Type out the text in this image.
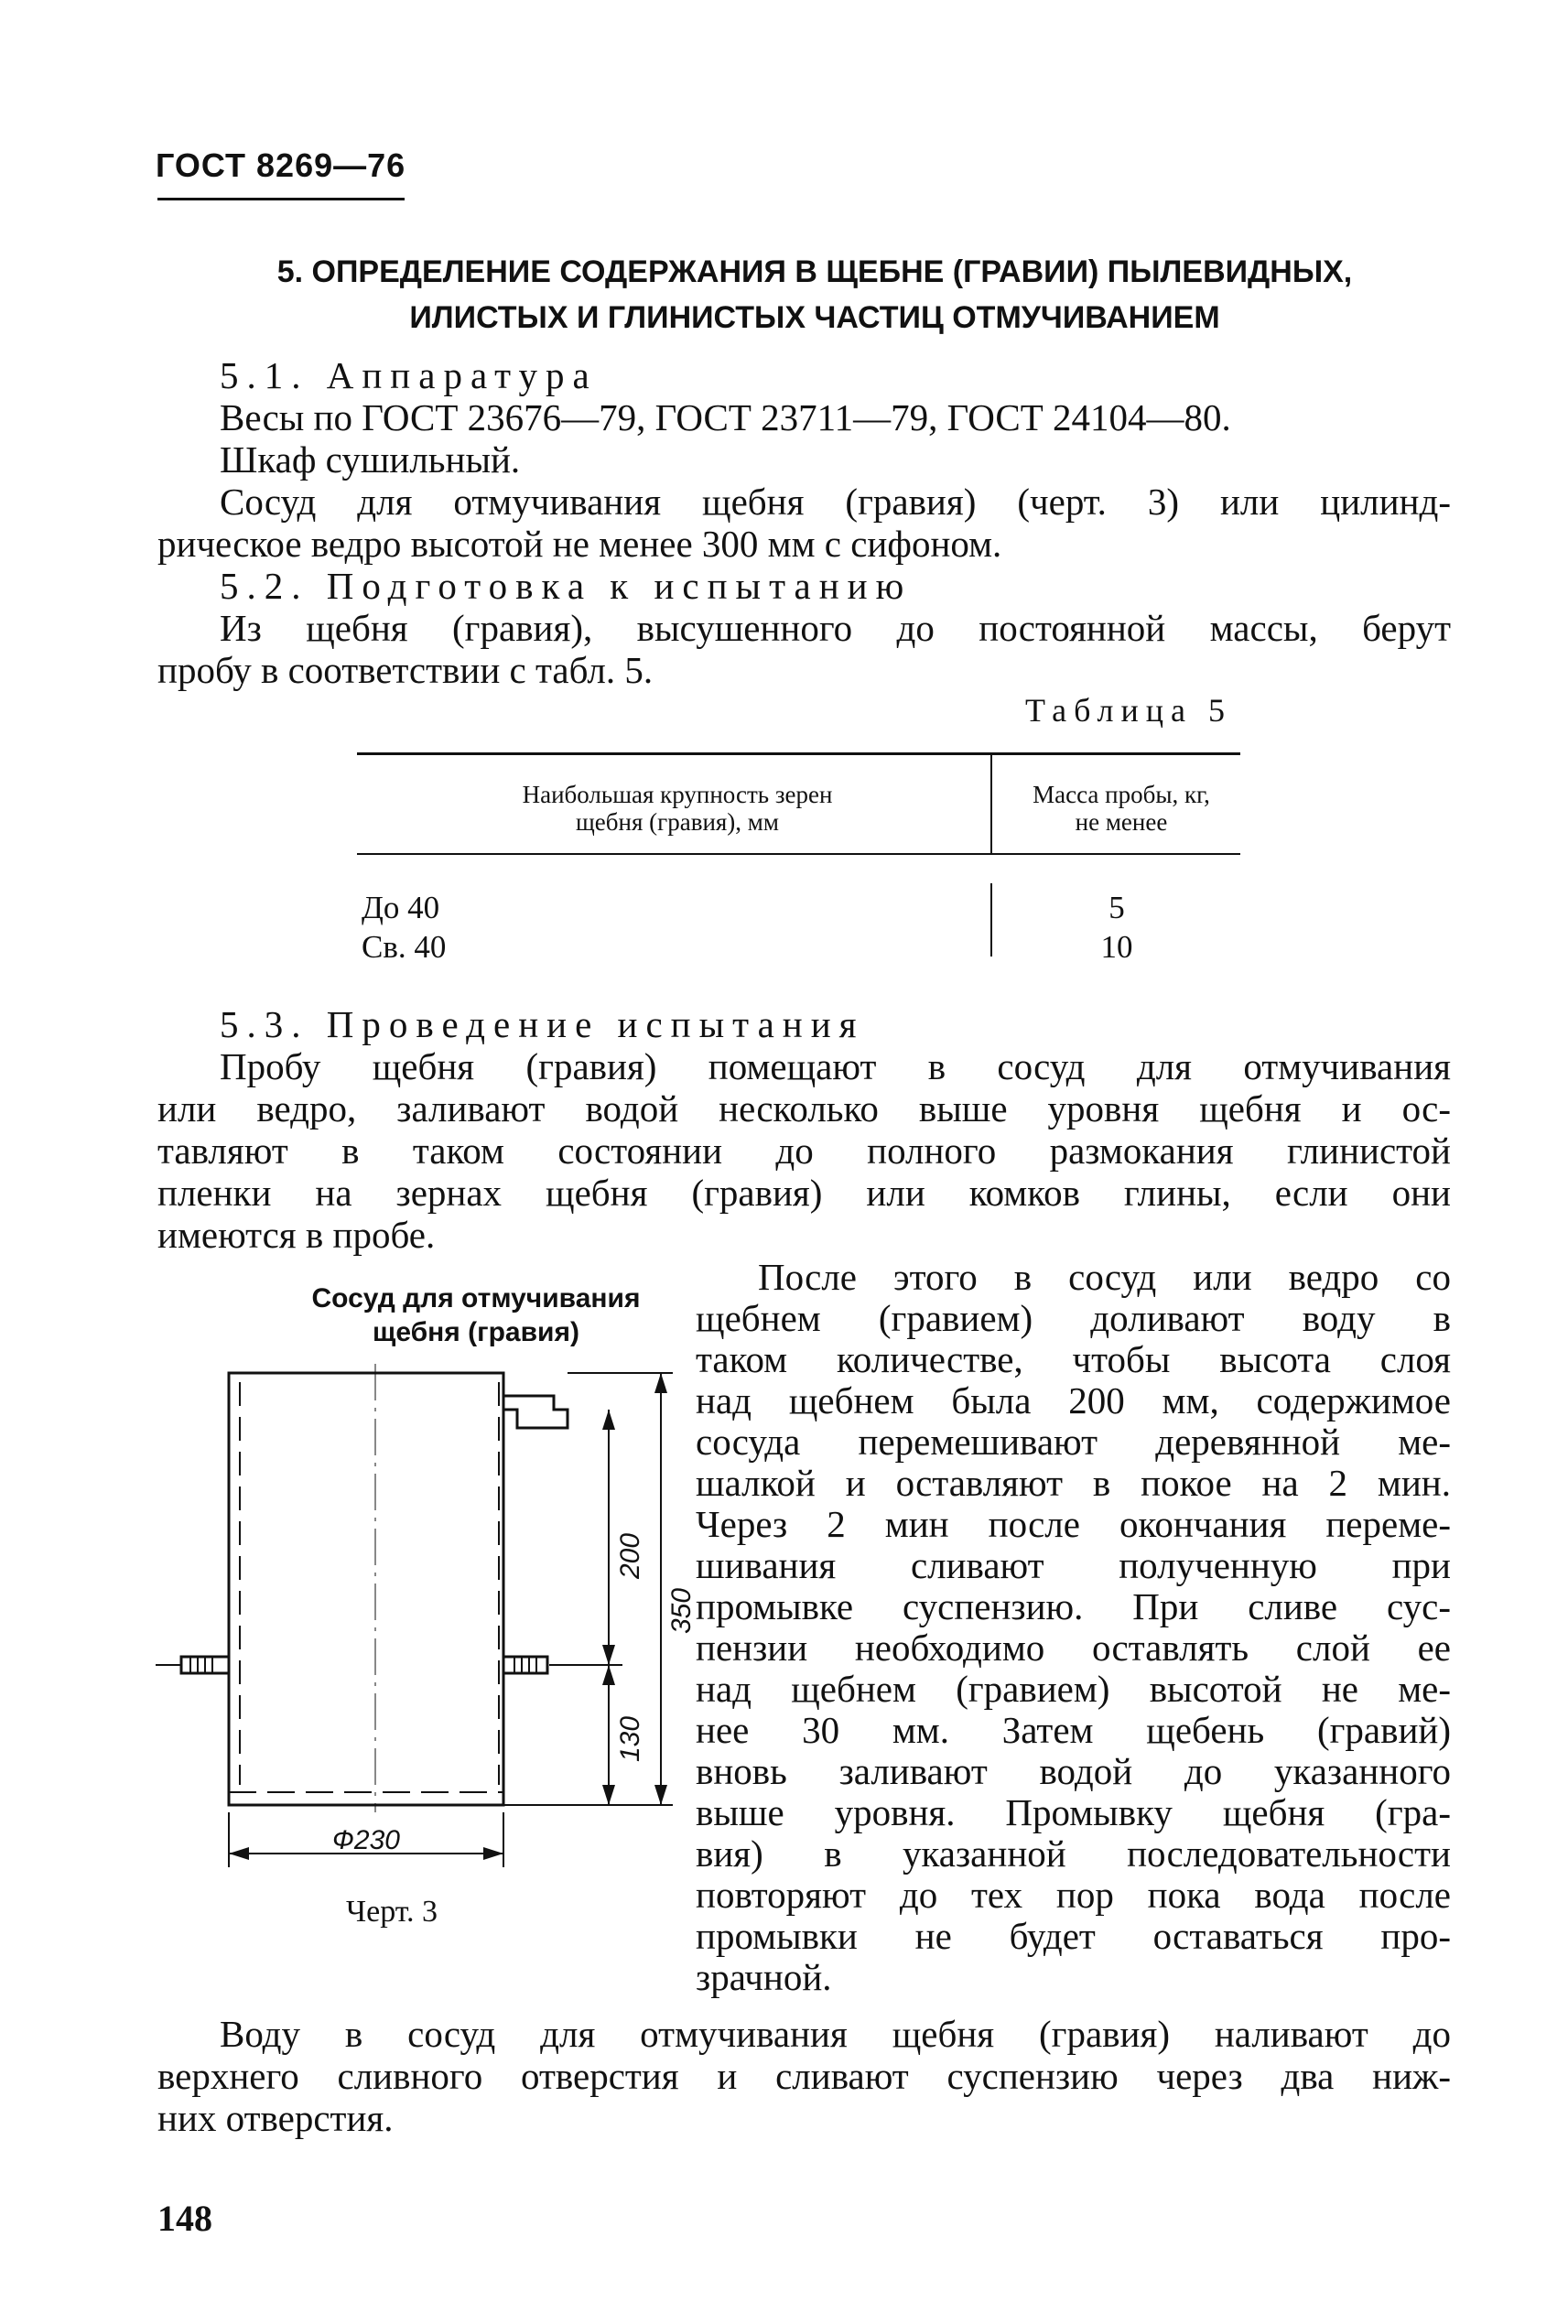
ГОСТ 8269—76
5. ОПРЕДЕЛЕНИЕ СОДЕРЖАНИЯ В ЩЕБНЕ (ГРАВИИ) ПЫЛЕВИДНЫХ,
ИЛИСТЫХ И ГЛИНИСТЫХ ЧАСТИЦ ОТМУЧИВАНИЕМ
5.1. Аппаратура
Весы по ГОСТ 23676—79, ГОСТ 23711—79, ГОСТ 24104—80.
Шкаф сушильный.
Сосуд для отмучивания щебня (гравия) (черт. 3) или цилинд-
рическое ведро высотой не менее 300 мм с сифоном.
5.2. Подготовка к испытанию
Из щебня (гравия), высушенного до постоянной массы, берут
пробу в соответствии с табл. 5.
Таблица 5
Наибольшая крупность зерен
щебня (гравия), мм
Масса пробы, кг,
не менее
До 40
Св. 40
5
10
5.3. Проведение испытания
Пробу щебня (гравия) помещают в сосуд для отмучивания
или ведро, заливают водой несколько выше уровня щебня и ос-
тавляют в таком состоянии до полного размокания глинистой
пленки на зернах щебня (гравия) или комков глины, если они
имеются в пробе.
После этого в сосуд или ведро со
щебнем (гравием) доливают воду в
таком количестве, чтобы высота слоя
над щебнем была 200 мм, содержимое
сосуда перемешивают деревянной ме-
шалкой и оставляют в покое на 2 мин.
Через 2 мин после окончания переме-
шивания сливают полученную при
промывке суспензию. При сливе сус-
пензии необходимо оставлять слой ее
над щебнем (гравием) высотой не ме-
нее 30 мм. Затем щебень (гравий)
вновь заливают водой до указанного
выше уровня. Промывку щебня (гра-
вия) в указанной последовательности
повторяют до тех пор пока вода после
промывки не будет оставаться про-
зрачной.
Сосуд для отмучивания
щебня (гравия)
200
350
130
Ф230
Черт. 3
Воду в сосуд для отмучивания щебня (гравия) наливают до
верхнего сливного отверстия и сливают суспензию через два ниж-
них отверстия.
148
